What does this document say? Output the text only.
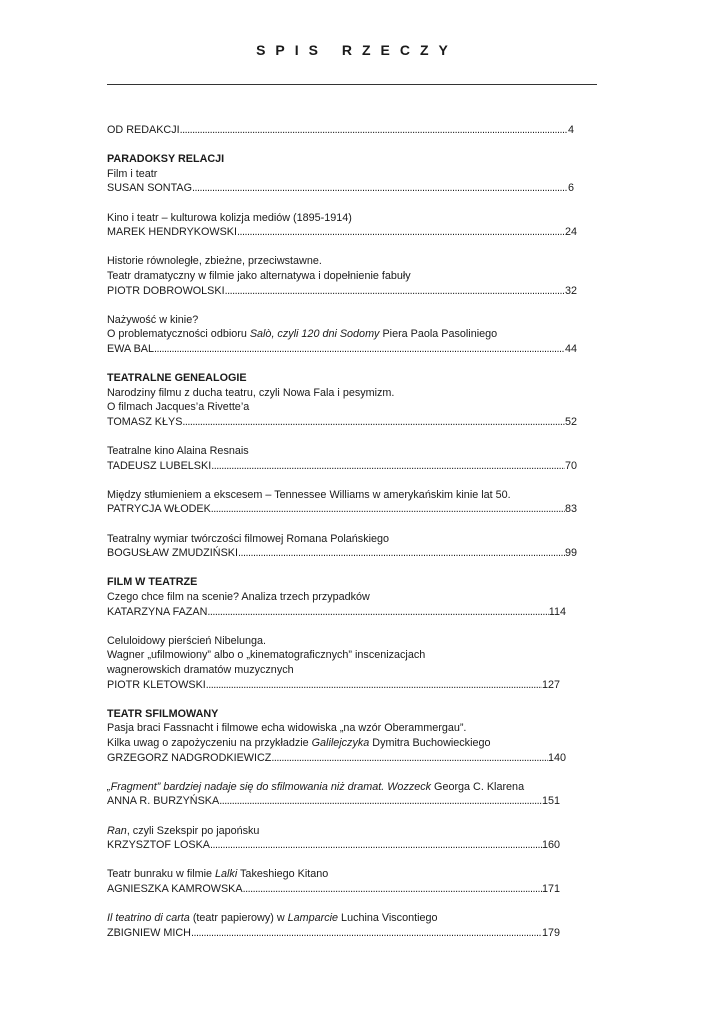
SPIS RZECZY
OD REDAKCJI .....	4
PARADOKSY RELACJI
Film i teatr
SUSAN SONTAG .....	6
Kino i teatr – kulturowa kolizja mediów (1895-1914)
MAREK HENDRYKOWSKI .....	24
Historie równoległe, zbieżne, przeciwstawne.
Teatr dramatyczny w filmie jako alternatywa i dopełnienie fabuły
PIOTR DOBROWOLSKI .....	32
Nażywość w kinie?
O problematyczności odbioru Salò, czyli 120 dni Sodomy Piera Paola Pasoliniego
EWA BAL .....	44
TEATRALNE GENEALOGIE
Narodziny filmu z ducha teatru, czyli Nowa Fala i pesymizm.
O filmach Jacques’a Rivette’a
TOMASZ KŁYS .....	52
Teatralne kino Alaina Resnais
TADEUSZ LUBELSKI .....	70
Między stłumieniem a ekscesem – Tennessee Williams w amerykańskim kinie lat 50.
PATRYCJA WŁODEK .....	83
Teatralny wymiar twórczości filmowej Romana Polańskiego
BOGUSŁAW ZMUDZIŃSKI .....	99
FILM W TEATRZE
Czego chce film na scenie? Analiza trzech przypadków
KATARZYNA FAZAN .....	114
Celuloidowy pierścień Nibelunga.
Wagner „ufilmowiony” albo o „kinematograficznych” inscenizacjach
wagnerowskich dramatów muzycznych
PIOTR KLETOWSKI .....	127
TEATR SFILMOWANY
Pasja braci Fassnacht i filmowe echa widowiska „na wzór Oberammergau”.
Kilka uwag o zapożyczeniu na przykładzie Galilejczyka Dymitra Buchowieckiego
GRZEGORZ NADGRODKIEWICZ .....	140
„Fragment” bardziej nadaje się do sfilmowania niż dramat. Wozzeck Georga C. Klarena
ANNA R. BURZYŃSKA .....	151
Ran, czyli Szekspir po japońsku
KRZYSZTOF LOSKA .....	160
Teatr bunraku w filmie Lalki Takeshiego Kitano
AGNIESZKA KAMROWSKA .....	171
Il teatrino di carta (teatr papierowy) w Lamparcie Luchina Viscontiego
ZBIGNIEW MICH .....	179
